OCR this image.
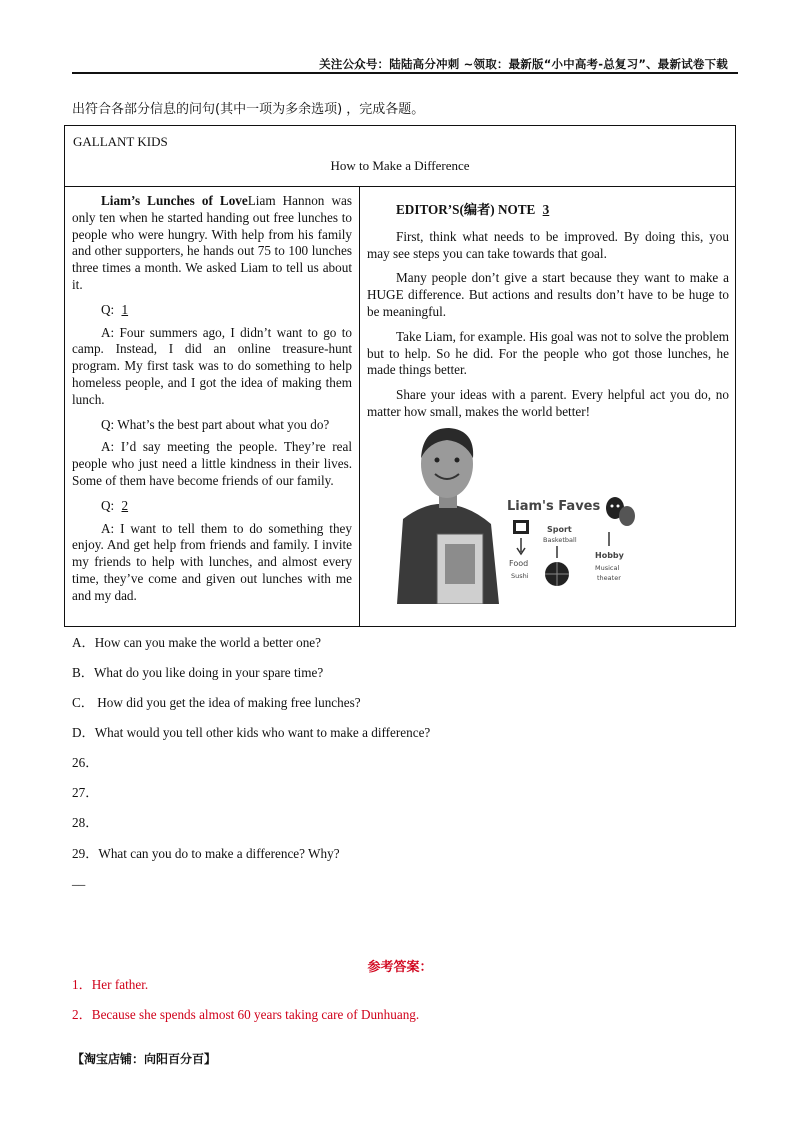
关注公众号：陆陆高分冲刺 ~领取：最新版“小中高考-总复习”、最新试卷下载
出符合各部分信息的问句(其中一项为多余选项) ，完成各题。
GALLANT KIDS
How to Make a Difference

Liam’s Lunches of LoveLiam Hannon was only ten when he started handing out free lunches to people who were hungry. With help from his family and other supporters, he hands out 75 to 100 lunches three times a month. We asked Liam to tell us about it.

Q: 1

A: Four summers ago, I didn’t want to go to camp. Instead, I did an online treasure-hunt program. My first task was to do something to help homeless people, and I got the idea of making them lunch.

Q: What’s the best part about what you do?

A: I’d say meeting the people. They’re real people who just need a little kindness in their lives. Some of them have become friends of our family.

Q: 2

A: I want to tell them to do something they enjoy. And get help from friends and family. I invite my friends to help with lunches, and almost every time, they’ve come and given out lunches with me and my dad.

EDITOR’S(编者) NOTE 3

First, think what needs to be improved. By doing this, you may see steps you can take towards that goal.

Many people don’t give a start because they want to make a HUGE difference. But actions and results don’t have to be huge to be meaningful.

Take Liam, for example. His goal was not to solve the problem but to help. So he did. For the people who got those lunches, he made things better.

Share your ideas with a parent. Every helpful act you do, no matter how small, makes the world better!

Liam's Faves
Sport
Basketball
Food
Sushi
Hobby
Musical
theater
A．How can you make the world a better one?
B．What do you like doing in your spare time?
C． How did you get the idea of making free lunches?
D．What would you tell other kids who want to make a difference?
26．
27．
28．
29．What can you do to make a difference? Why?
__
参考答案：
1．Her father.
2．Because she spends almost 60 years taking care of Dunhuang.
【淘宝店铺：向阳百分百】
